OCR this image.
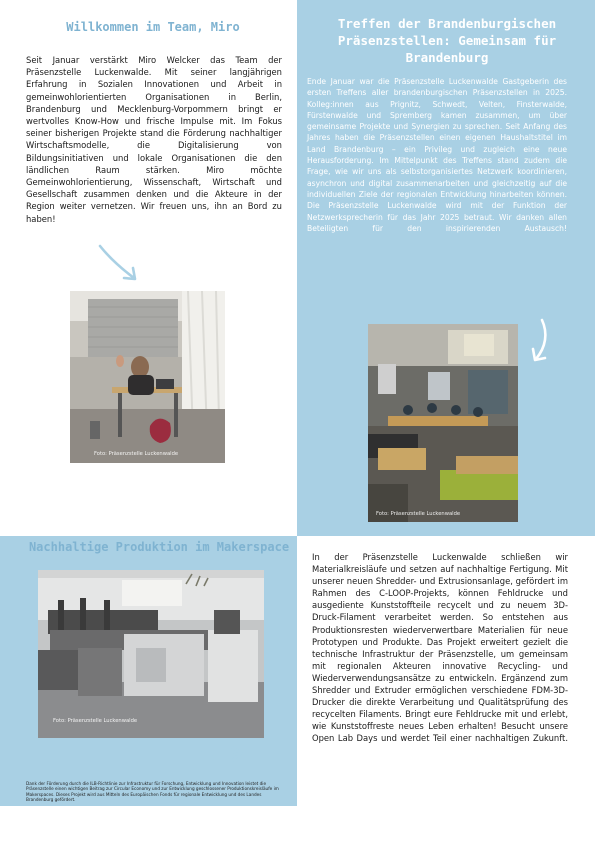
Willkommen im Team, Miro
Seit Januar verstärkt Miro Welcker das Team der Präsenzstelle Luckenwalde. Mit seiner langjährigen Erfahrung in Sozialen Innovationen und Arbeit in gemeinwohlorientierten Organisationen in Berlin, Brandenburg und Mecklenburg-Vorpommern bringt er wertvolles Know-How und frische Impulse mit. Im Fokus seiner bisherigen Projekte stand die Förderung nachhaltiger Wirtschaftsmodelle, die Digitalisierung von Bildungsinitiativen und lokale Organisationen die den ländlichen Raum stärken. Miro möchte Gemeinwohlorientierung, Wissenschaft, Wirtschaft und Gesellschaft zusammen denken und die Akteure in der Region weiter vernetzen. Wir freuen uns, ihn an Bord zu haben!
Foto: Präsenzstelle Luckenwalde
Treffen der Brandenburgischen Präsenzstellen: Gemeinsam für Brandenburg
Ende Januar war die Präsenzstelle Luckenwalde Gastgeberin des ersten Treffens aller brandenburgischen Präsenzstellen in 2025. Kolleg:innen aus Prignitz, Schwedt, Velten, Finsterwalde, Fürstenwalde und Spremberg kamen zusammen, um über gemeinsame Projekte und Synergien zu sprechen. Seit Anfang des Jahres haben die Präsenzstellen einen eigenen Haushaltstitel im Land Brandenburg – ein Privileg und zugleich eine neue Herausforderung. Im Mittelpunkt des Treffens stand zudem die Frage, wie wir uns als selbstorganisiertes Netzwerk koordinieren, asynchron und digital zusammenarbeiten und gleichzeitig auf die individuellen Ziele der regionalen Entwicklung hinarbeiten können. Die Präsenzstelle Luckenwalde wird mit der Funktion der Netzwerksprecherin für das Jahr 2025 betraut. Wir danken allen Beteiligten für den inspirierenden Austausch!
Foto: Präsenzstelle Luckenwalde
Nachhaltige Produktion im Makerspace
Foto: Präsenzstelle Luckenwalde
In der Präsenzstelle Luckenwalde schließen wir Materialkreisläufe und setzen auf nachhaltige Fertigung. Mit unserer neuen Shredder- und Extrusionsanlage, gefördert im Rahmen des C-LOOP-Projekts, können Fehldrucke und ausgediente Kunststoffteile recycelt und zu neuem 3D-Druck-Filament verarbeitet werden. So entstehen aus Produktionsresten wiederverwertbare Materialien für neue Prototypen und Produkte. Das Projekt erweitert gezielt die technische Infrastruktur der Präsenzstelle, um gemeinsam mit regionalen Akteuren innovative Recycling- und Wiederverwendungsansätze zu entwickeln. Ergänzend zum Shredder und Extruder ermöglichen verschiedene FDM-3D-Drucker die direkte Verarbeitung und Qualitätsprüfung des recycelten Filaments. Bringt eure Fehldrucke mit und erlebt, wie Kunststoffreste neues Leben erhalten! Besucht unsere Open Lab Days und werdet Teil einer nachhaltigen Zukunft.
Dank der Förderung durch die ILB-Richtlinie zur Infrastruktur für Forschung, Entwicklung und Innovation leistet die Präsenzstelle einen wichtigen Beitrag zur Circular Economy und zur Entwicklung geschlossener Produktionskreisläufe im Makerspaces. Dieses Projekt wird aus Mitteln des Europäischen Fonds für regionale Entwicklung und des Landes Brandenburg gefördert.
